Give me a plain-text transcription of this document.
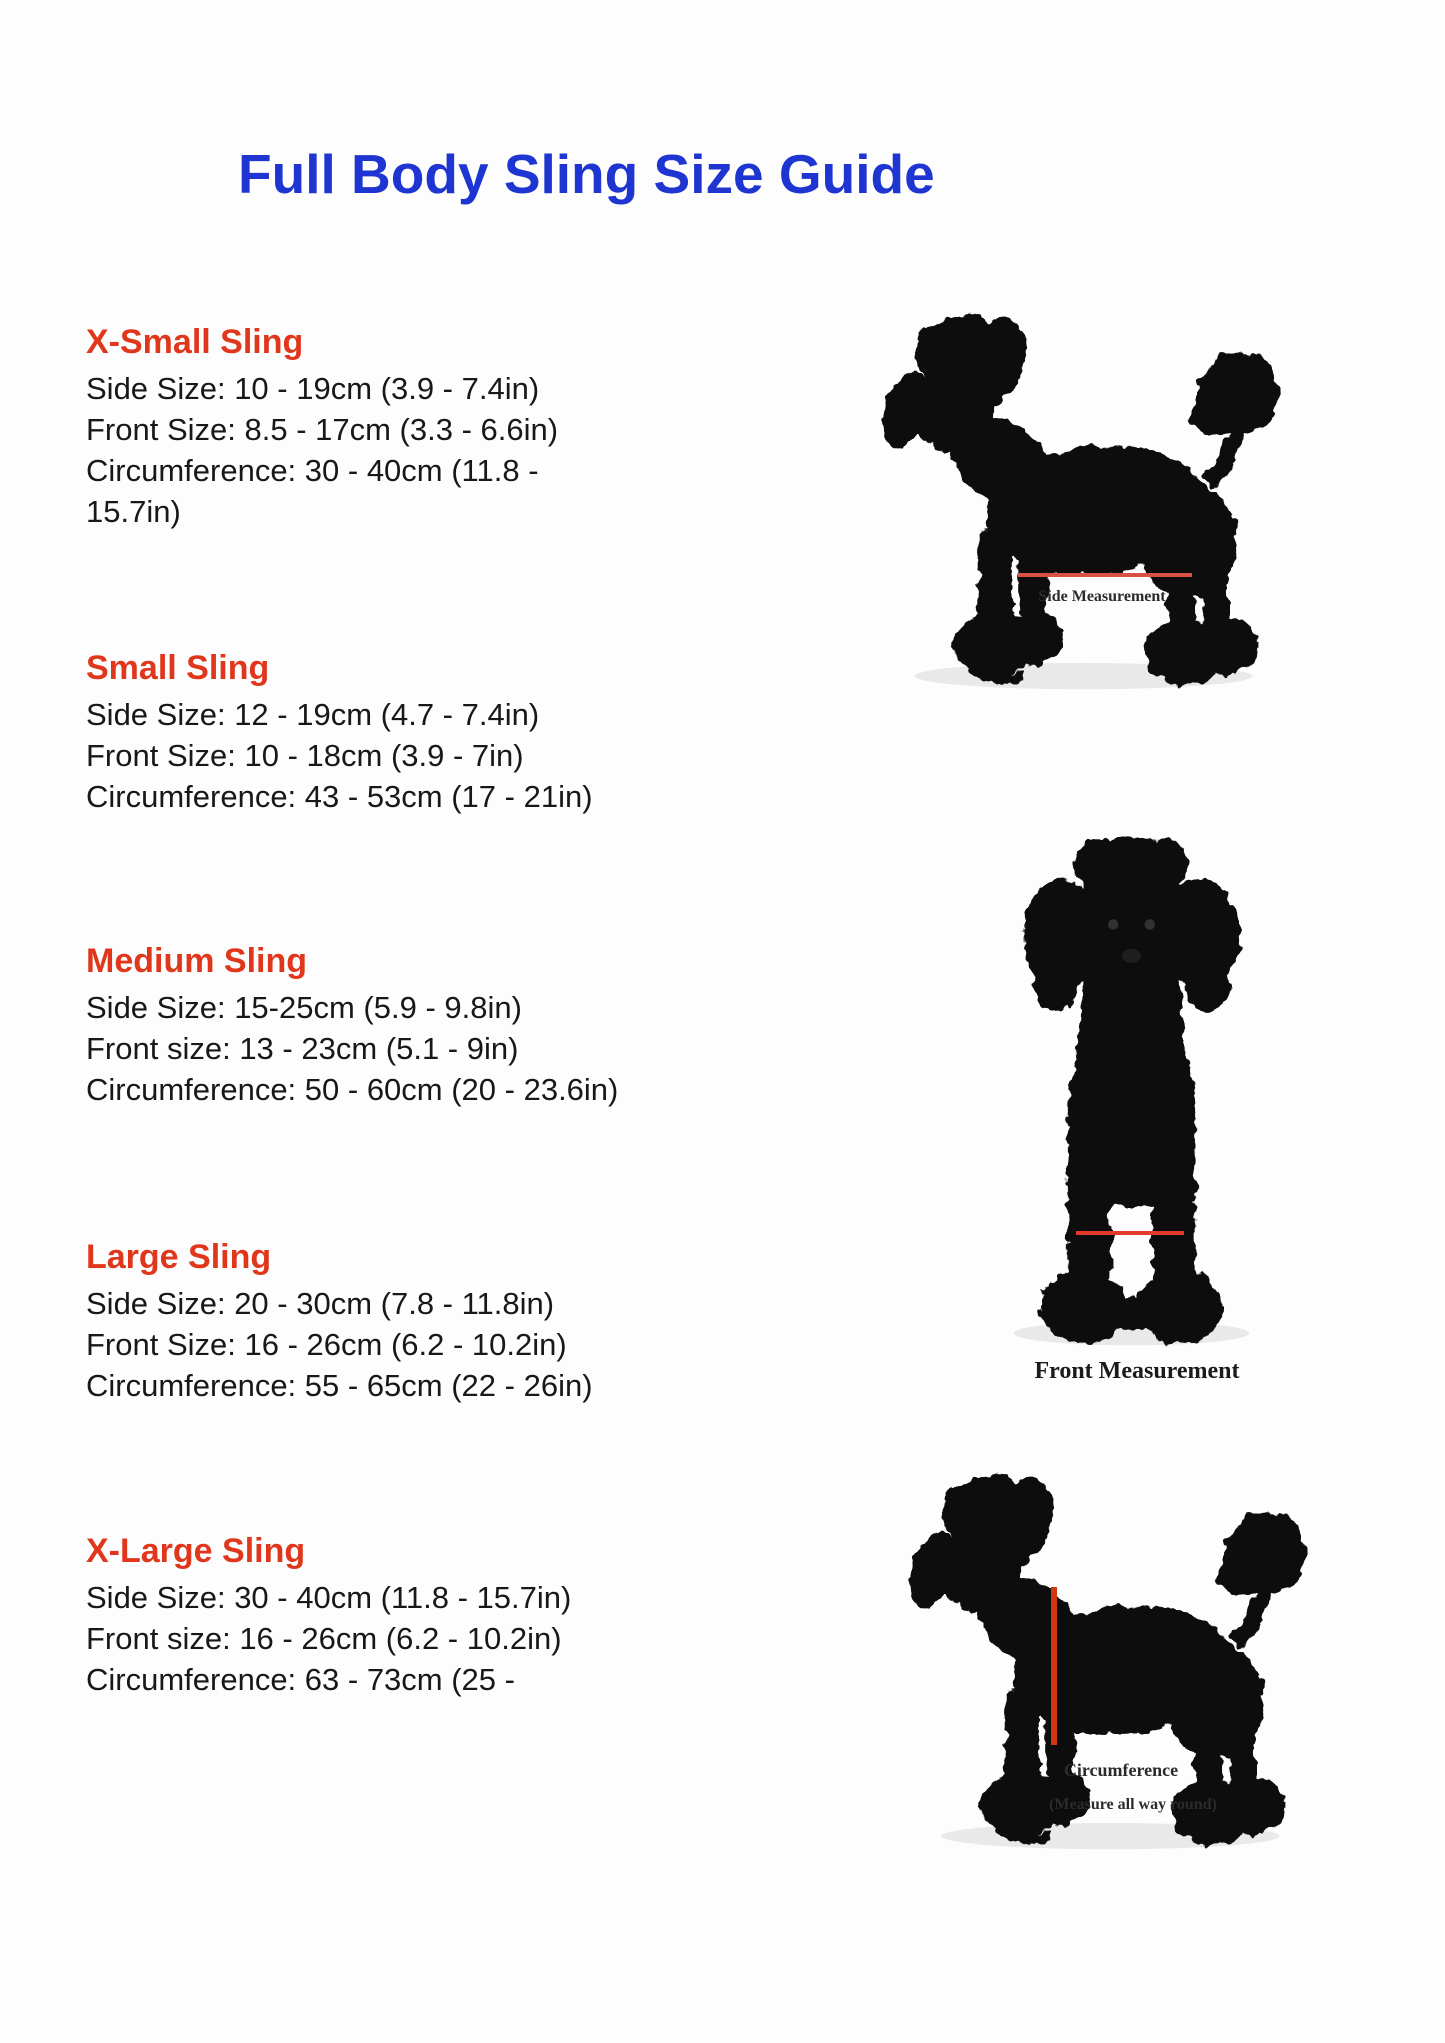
Full Body Sling Size Guide
X-Small Sling
Side Size: 10 - 19cm (3.9 - 7.4in)
Front Size: 8.5 - 17cm (3.3 - 6.6in)
Circumference: 30 - 40cm (11.8 -
15.7in)
Small Sling
Side Size: 12 - 19cm (4.7 - 7.4in)
Front Size: 10 - 18cm (3.9 - 7in)
Circumference: 43 - 53cm (17 - 21in)
Medium Sling
Side Size: 15-25cm (5.9 - 9.8in)
Front size: 13 - 23cm (5.1 - 9in)
Circumference: 50 - 60cm (20 - 23.6in)
Large Sling
Side Size: 20 - 30cm (7.8 - 11.8in)
Front Size: 16 - 26cm (6.2 - 10.2in)
Circumference: 55 - 65cm (22 - 26in)
X-Large Sling
Side Size: 30 - 40cm (11.8 - 15.7in)
Front size: 16 - 26cm (6.2 - 10.2in)
Circumference: 63 - 73cm (25 -
Side Measurement
Front Measurement
Circumference
(Measure all way round)
